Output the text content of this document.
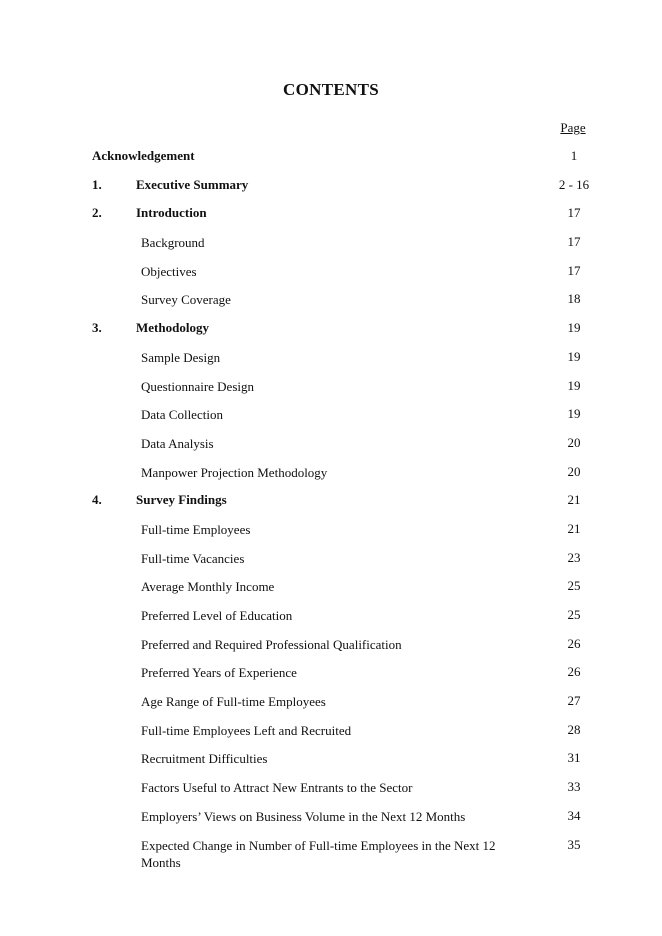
CONTENTS
Page
Acknowledgement	1
1.	Executive Summary	2 - 16
2.	Introduction	17
Background	17
Objectives	17
Survey Coverage	18
3.	Methodology	19
Sample Design	19
Questionnaire Design	19
Data Collection	19
Data Analysis	20
Manpower Projection Methodology	20
4.	Survey Findings	21
Full-time Employees	21
Full-time Vacancies	23
Average Monthly Income	25
Preferred Level of Education	25
Preferred and Required Professional Qualification	26
Preferred Years of Experience	26
Age Range of Full-time Employees	27
Full-time Employees Left and Recruited	28
Recruitment Difficulties	31
Factors Useful to Attract New Entrants to the Sector	33
Employers’ Views on Business Volume in the Next 12 Months	34
Expected Change in Number of Full-time Employees in the Next 12 Months
35
